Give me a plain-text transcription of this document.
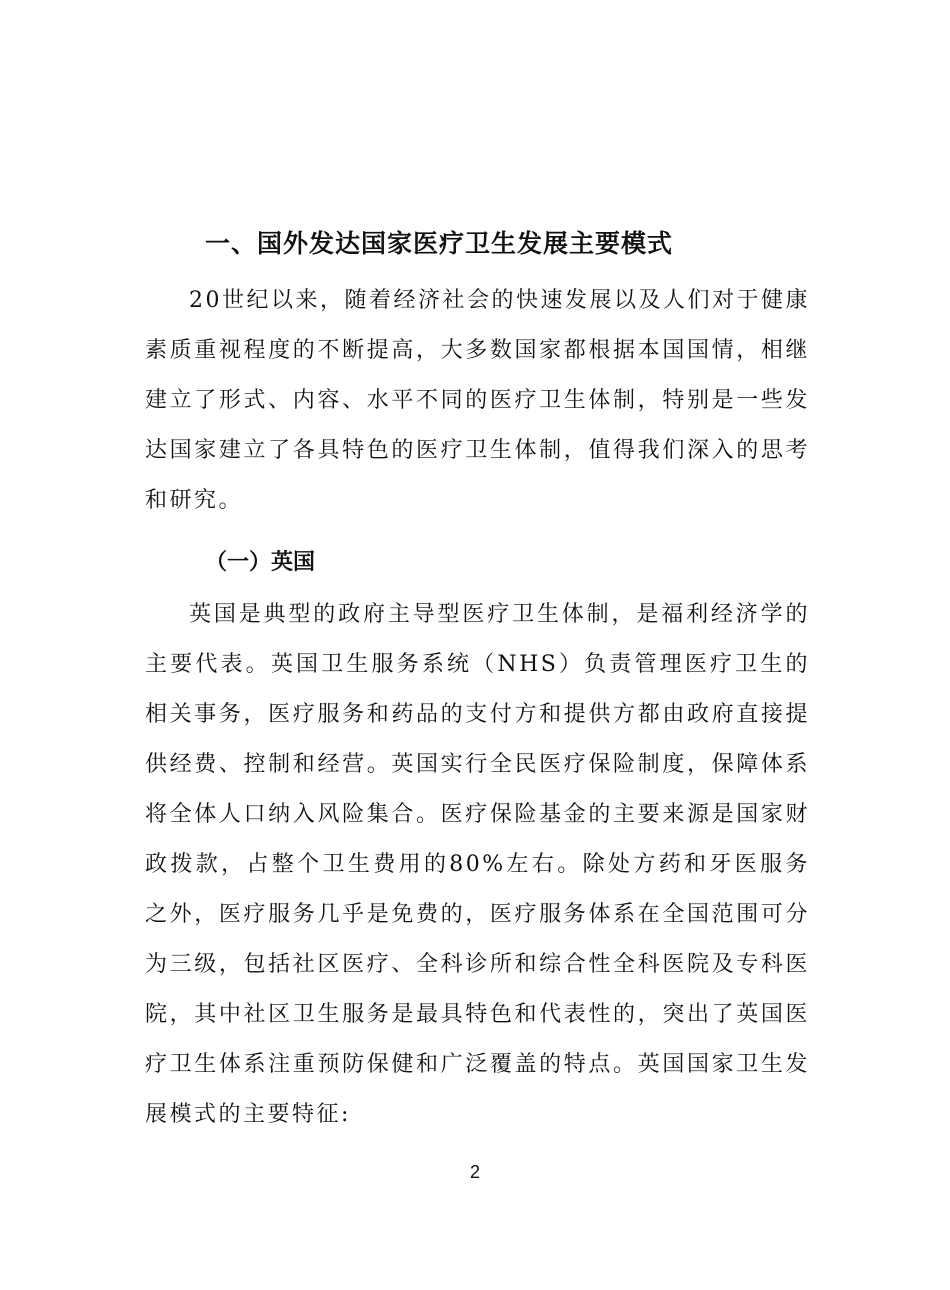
一、国外发达国家医疗卫生发展主要模式

20世纪以来，随着经济社会的快速发展以及人们对于健康素质重视程度的不断提高，大多数国家都根据本国国情，相继建立了形式、内容、水平不同的医疗卫生体制，特别是一些发达国家建立了各具特色的医疗卫生体制，值得我们深入的思考和研究。

（一）英国

英国是典型的政府主导型医疗卫生体制，是福利经济学的主要代表。英国卫生服务系统（NHS）负责管理医疗卫生的相关事务，医疗服务和药品的支付方和提供方都由政府直接提供经费、控制和经营。英国实行全民医疗保险制度，保障体系将全体人口纳入风险集合。医疗保险基金的主要来源是国家财政拨款，占整个卫生费用的80%左右。除处方药和牙医服务之外，医疗服务几乎是免费的，医疗服务体系在全国范围可分为三级，包括社区医疗、全科诊所和综合性全科医院及专科医院，其中社区卫生服务是最具特色和代表性的，突出了英国医疗卫生体系注重预防保健和广泛覆盖的特点。英国国家卫生发展模式的主要特征:

2
